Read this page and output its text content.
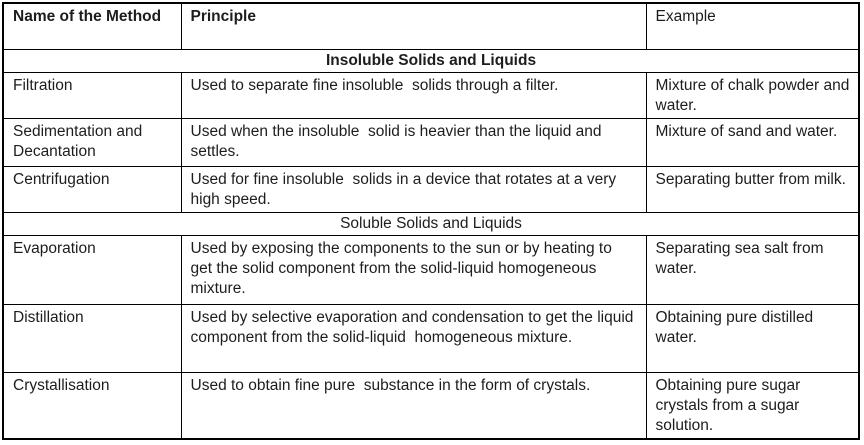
Name of the Method	Principle	Example
Insoluble Solids and Liquids		
Filtration	Used to separate fine insoluble  solids through a filter.	Mixture of chalk powder and water.
Sedimentation and Decantation	Used when the insoluble  solid is heavier than the liquid and settles.	Mixture of sand and water.
Centrifugation	Used for fine insoluble  solids in a device that rotates at a very high speed.	Separating butter from milk.
Soluble Solids and Liquids		
Evaporation	Used by exposing the components to the sun or by heating to get the solid component from the solid-liquid homogeneous mixture.	Separating sea salt from water.
Distillation	Used by selective evaporation and condensation to get the liquid component from the solid-liquid  homogeneous mixture.	Obtaining pure distilled water.
Crystallisation	Used to obtain fine pure  substance in the form of crystals.	Obtaining pure sugar crystals from a sugar solution.
